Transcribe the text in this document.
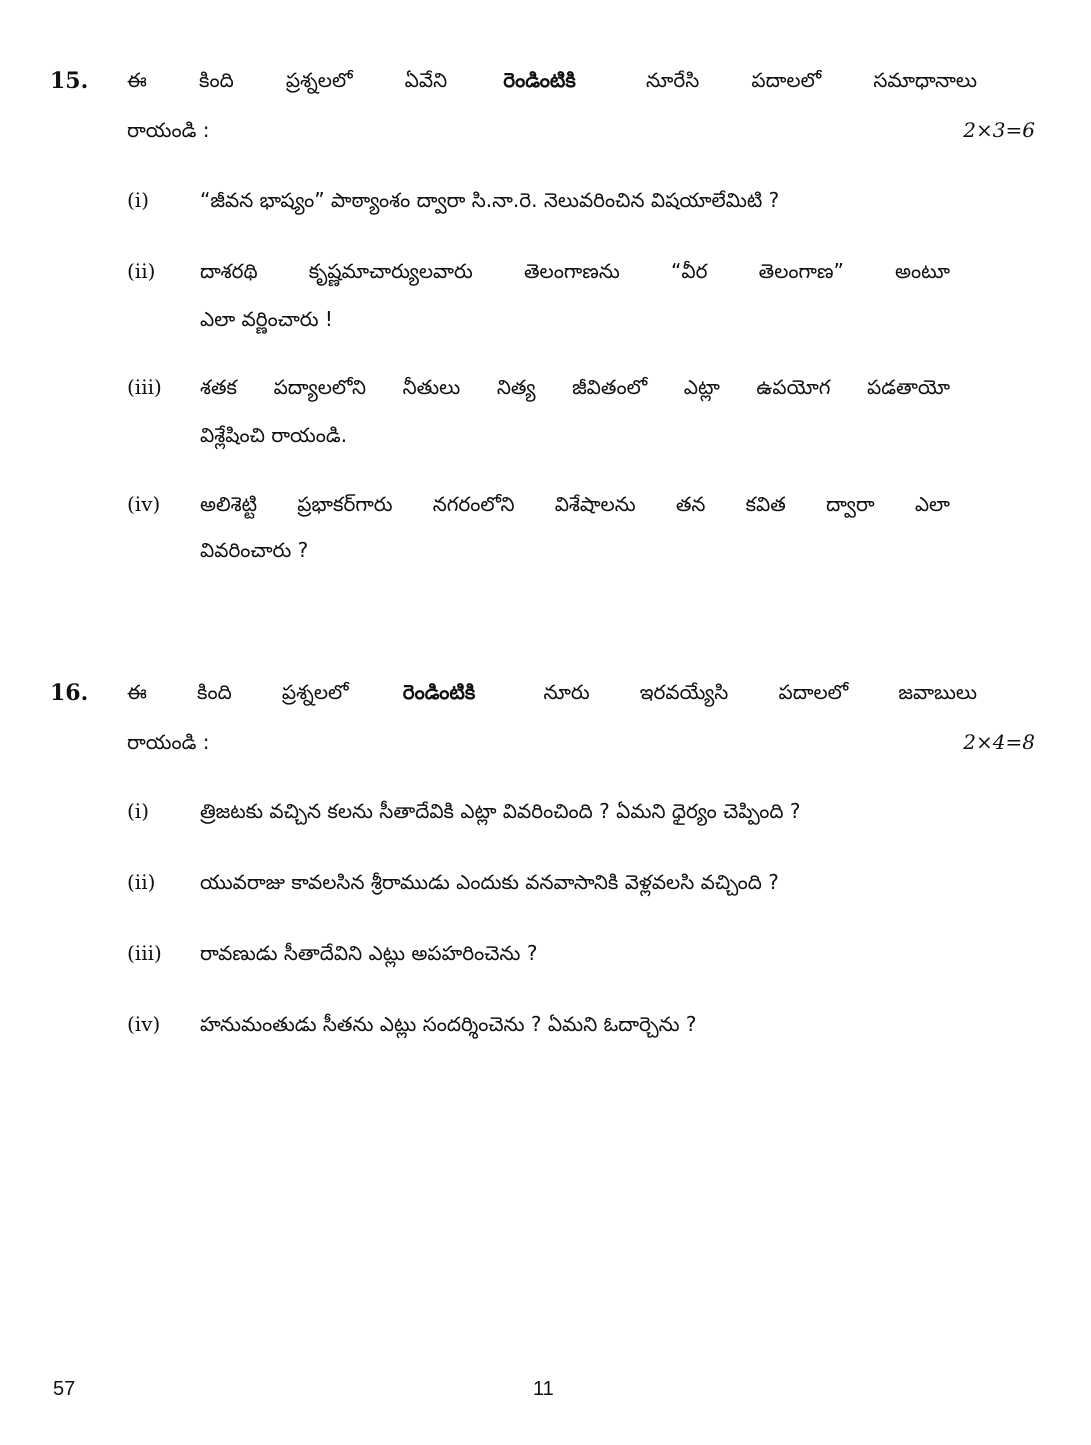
15. ఈ కింది ప్రశ్నలలో ఏవేని	రెండింటికి	నూరేసి పదాలలో సమాధానాలు
రాయండి :	2×3=6
(i)	“జీవన భాష్యం” పాఠ్యాంశం ద్వారా సి.నా.రె. నెలువరించిన విషయాలేమిటి ?
(ii) దాశరథి కృష్ణమాచార్యులవారు తెలంగాణను “వీర తెలంగాణ” అంటూ
ఎలా వర్ణించారు !
(iii) శతక పద్యాలలోని నీతులు నిత్య జీవితంలో ఎట్లా ఉపయోగ పడతాయో
విశ్లేషించి రాయండి.
(iv) అలిశెట్టి ప్రభాకర్‌గారు నగరంలోని విశేషాలను తన కవిత ద్వారా ఎలా
వివరించారు ?
16. ఈ కింది ప్రశ్నలలో	రెండింటికి	నూరు ఇరవయ్యేసి పదాలలో జవాబులు
రాయండి :	2×4=8
(i)	త్రిజటకు వచ్చిన కలను సీతాదేవికి ఎట్లా వివరించింది ? ఏమని ధైర్యం చెప్పింది ?
(ii) యువరాజు కావలసిన శ్రీరాముడు ఎందుకు వనవాసానికి వెళ్లవలసి వచ్చింది ?
(iii) రావణుడు సీతాదేవిని ఎట్లు అపహరించెను ?
(iv) హనుమంతుడు సీతను ఎట్లు సందర్శించెను ? ఏమని ఓదార్చెను ?
57	11
